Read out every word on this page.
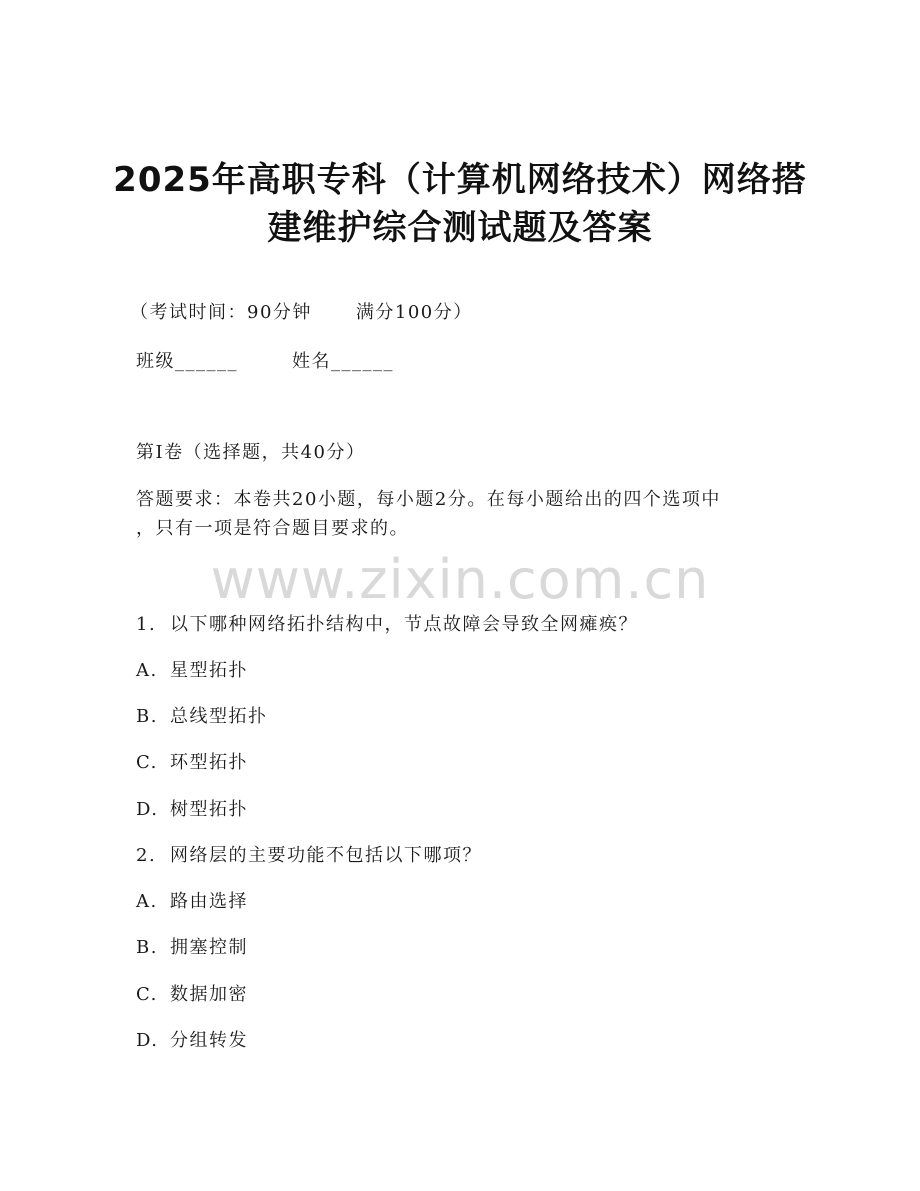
2025年高职专科（计算机网络技术）网络搭
建维护综合测试题及答案
（考试时间：90分钟 满分100分）
班级______	姓名______
第Ⅰ卷（选择题，共40分）
答题要求：本卷共20小题，每小题2分。在每小题给出的四个选项中
，只有一项是符合题目要求的。
www.zixin.com.cn
1. 以下哪种网络拓扑结构中，节点故障会导致全网瘫痪？
A. 星型拓扑
B. 总线型拓扑
C. 环型拓扑
D. 树型拓扑
2. 网络层的主要功能不包括以下哪项？
A. 路由选择
B. 拥塞控制
C. 数据加密
D. 分组转发
